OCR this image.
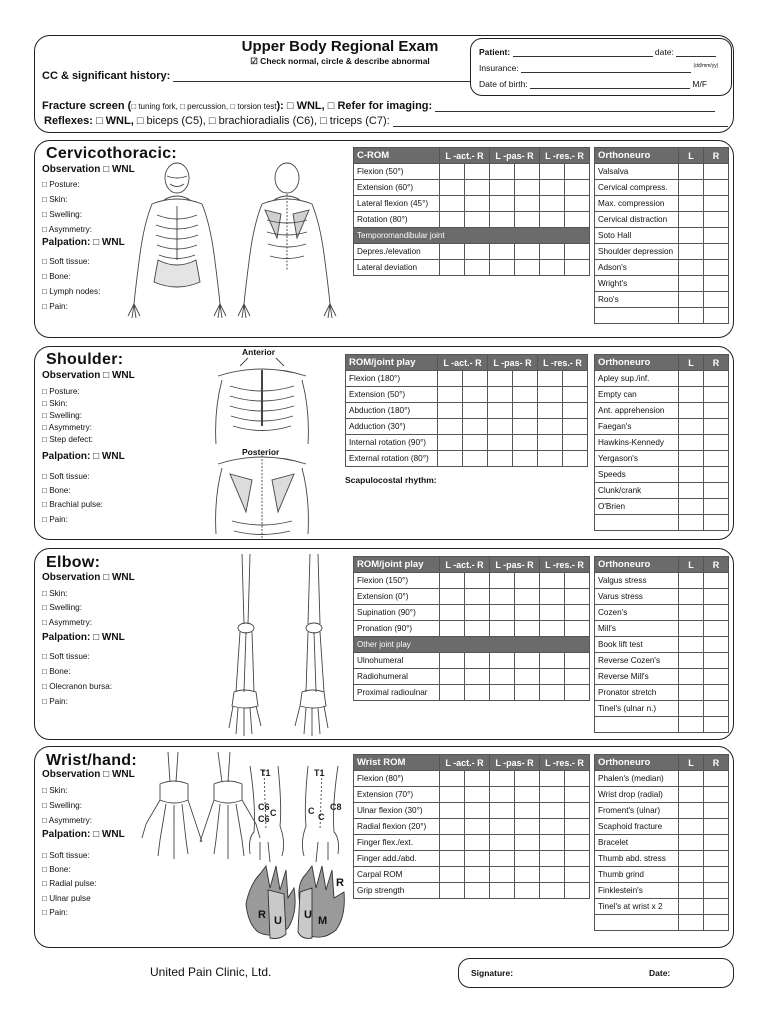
Upper Body Regional Exam
☑ Check normal, circle & describe abnormal
CC & significant history:
Fracture screen (□ tuning fork, □ percussion, □ torsion test): □ WNL, □ Refer for imaging:
Reflexes: □ WNL, □ biceps (C5), □ brachioradialis (C6), □ triceps (C7):
Patient:	date:
Insurance:	$^{(dd/mm/yy)}$
Date of birth:	M/F
Cervicothoracic:
Observation □ WNL
□ Posture:
□ Skin:
□ Swelling:
□ Asymmetry:
Palpation: □ WNL
□ Soft tissue:
□ Bone:
□ Lymph nodes:
□ Pain:
C-ROM	L -act.- R		L -pas- R		L -res.- R	
Flexion (50°)						
Extension (60°)						
Lateral flexion (45°)						
Rotation (80°)						
Temporomandibular joint						
Depres./elevation						
Lateral deviation						
Orthoneuro	L	R
Valsalva		
Cervical compress.		
Max. compression		
Cervical distraction		
Soto Hall		
Shoulder depression		
Adson's		
Wright's		
Roo's		

Shoulder:
Observation □ WNL
□ Posture:
□ Skin:
□ Swelling:
□ Asymmetry:
□ Step defect:
Palpation: □ WNL
□ Soft tissue:
□ Bone:
□ Brachial pulse:
□ Pain:
Anterior
Posterior
ROM/joint play	L -act.- R		L -pas- R		L -res.- R	
Flexion (180°)						
Extension (50°)						
Abduction (180°)						
Adduction (30°)						
Internal rotation (90°)						
External rotation (80°)						
Scapulocostal rhythm:
Orthoneuro	L	R
Apley sup./inf.		
Empty can		
Ant. apprehension		
Faegan's		
Hawkins-Kennedy		
Yergason's		
Speeds		
Clunk/crank		
O'Brien		

Elbow:
Observation □ WNL
□ Skin:
□ Swelling:
□ Asymmetry:
Palpation: □ WNL
□ Soft tissue:
□ Bone:
□ Olecranon bursa:
□ Pain:
ROM/joint play	L -act.- R		L -pas- R		L -res.- R	
Flexion (150°)						
Extension (0°)						
Supination (90°)						
Pronation (90°)						
Other joint play						
Ulnohumeral						
Radiohumeral						
Proximal radioulnar						
Orthoneuro	L	R
Valgus stress		
Varus stress		
Cozen's		
Mill's		
Book lift test		
Reverse Cozen's		
Reverse Mill's		
Pronator stretch		
Tinel's (ulnar n.)		

Wrist/hand:
Observation □ WNL
□ Skin:
□ Swelling:
□ Asymmetry:
Palpation: □ WNL
□ Soft tissue:
□ Bone:
□ Radial pulse:
□ Ulnar pulse
□ Pain:
T1	T1
C6
C
C8
C
C
C6
R U U M
R
Wrist ROM	L -act.- R		L -pas- R		L -res.- R	
Flexion (80°)						
Extension (70°)						
Ulnar flexion (30°)						
Radial flexion (20°)						
Finger flex./ext.						
Finger add./abd.						
Carpal ROM						
Grip strength						
Orthoneuro	L	R
Phalen's (median)		
Wrist drop (radial)		
Froment's (ulnar)		
Scaphoid fracture		
Bracelet		
Thumb abd. stress		
Thumb grind		
Finklestein's		
Tinel's at wrist x 2		

United Pain Clinic, Ltd.	Signature:	Date:
